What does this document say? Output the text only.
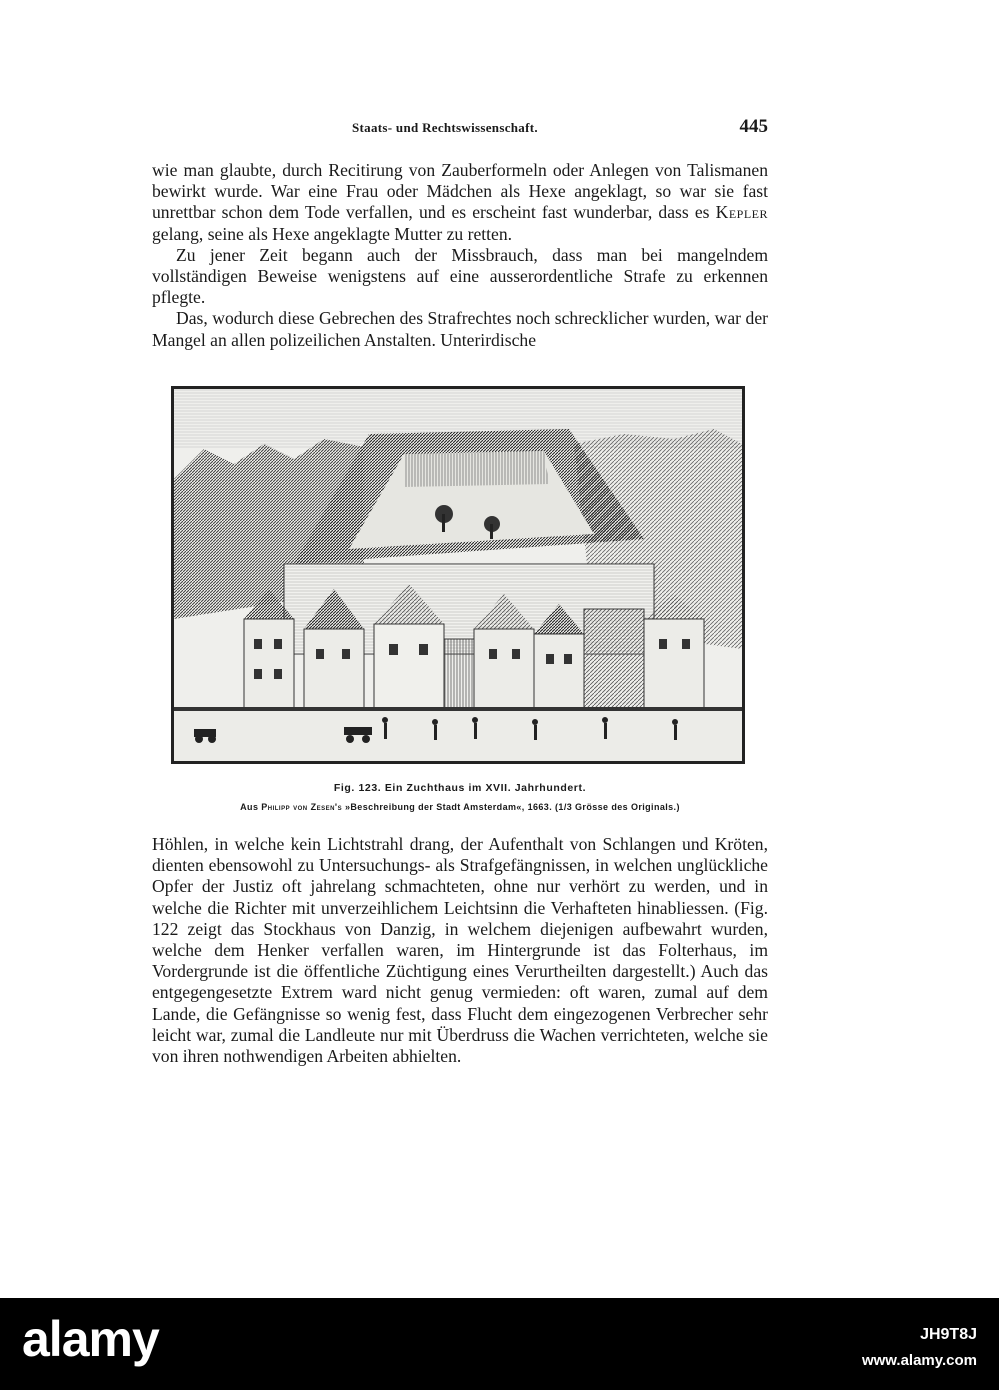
Staats- und Rechtswissenschaft.	445

wie man glaubte, durch Recitirung von Zauberformeln oder Anlegen von Talismanen bewirkt wurde. War eine Frau oder Mädchen als Hexe angeklagt, so war sie fast unrettbar schon dem Tode verfallen, und es erscheint fast wunderbar, dass es Kepler gelang, seine als Hexe angeklagte Mutter zu retten.

Zu jener Zeit begann auch der Missbrauch, dass man bei mangelndem vollständigen Beweise wenigstens auf eine ausserordentliche Strafe zu erkennen pflegte.

Das, wodurch diese Gebrechen des Strafrechtes noch schrecklicher wurden, war der Mangel an allen polizeilichen Anstalten. Unterirdische

Fig. 123. Ein Zuchthaus im XVII. Jahrhundert.
Aus Philipp von Zesen's »Beschreibung der Stadt Amsterdam«, 1663. (1/3 Grösse des Originals.)

Höhlen, in welche kein Lichtstrahl drang, der Aufenthalt von Schlangen und Kröten, dienten ebensowohl zu Untersuchungs- als Strafgefängnissen, in welchen unglückliche Opfer der Justiz oft jahrelang schmachteten, ohne nur verhört zu werden, und in welche die Richter mit unverzeihlichem Leichtsinn die Verhafteten hinabliessen. (Fig. 122 zeigt das Stockhaus von Danzig, in welchem diejenigen aufbewahrt wurden, welche dem Henker verfallen waren, im Hintergrunde ist das Folterhaus, im Vordergrunde ist die öffentliche Züchtigung eines Verurtheilten dargestellt.) Auch das entgegengesetzte Extrem ward nicht genug vermieden: oft waren, zumal auf dem Lande, die Gefängnisse so wenig fest, dass Flucht dem eingezogenen Verbrecher sehr leicht war, zumal die Landleute nur mit Überdruss die Wachen verrichteten, welche sie von ihren nothwendigen Arbeiten abhielten.

alamy	JH9T8J
www.alamy.com
